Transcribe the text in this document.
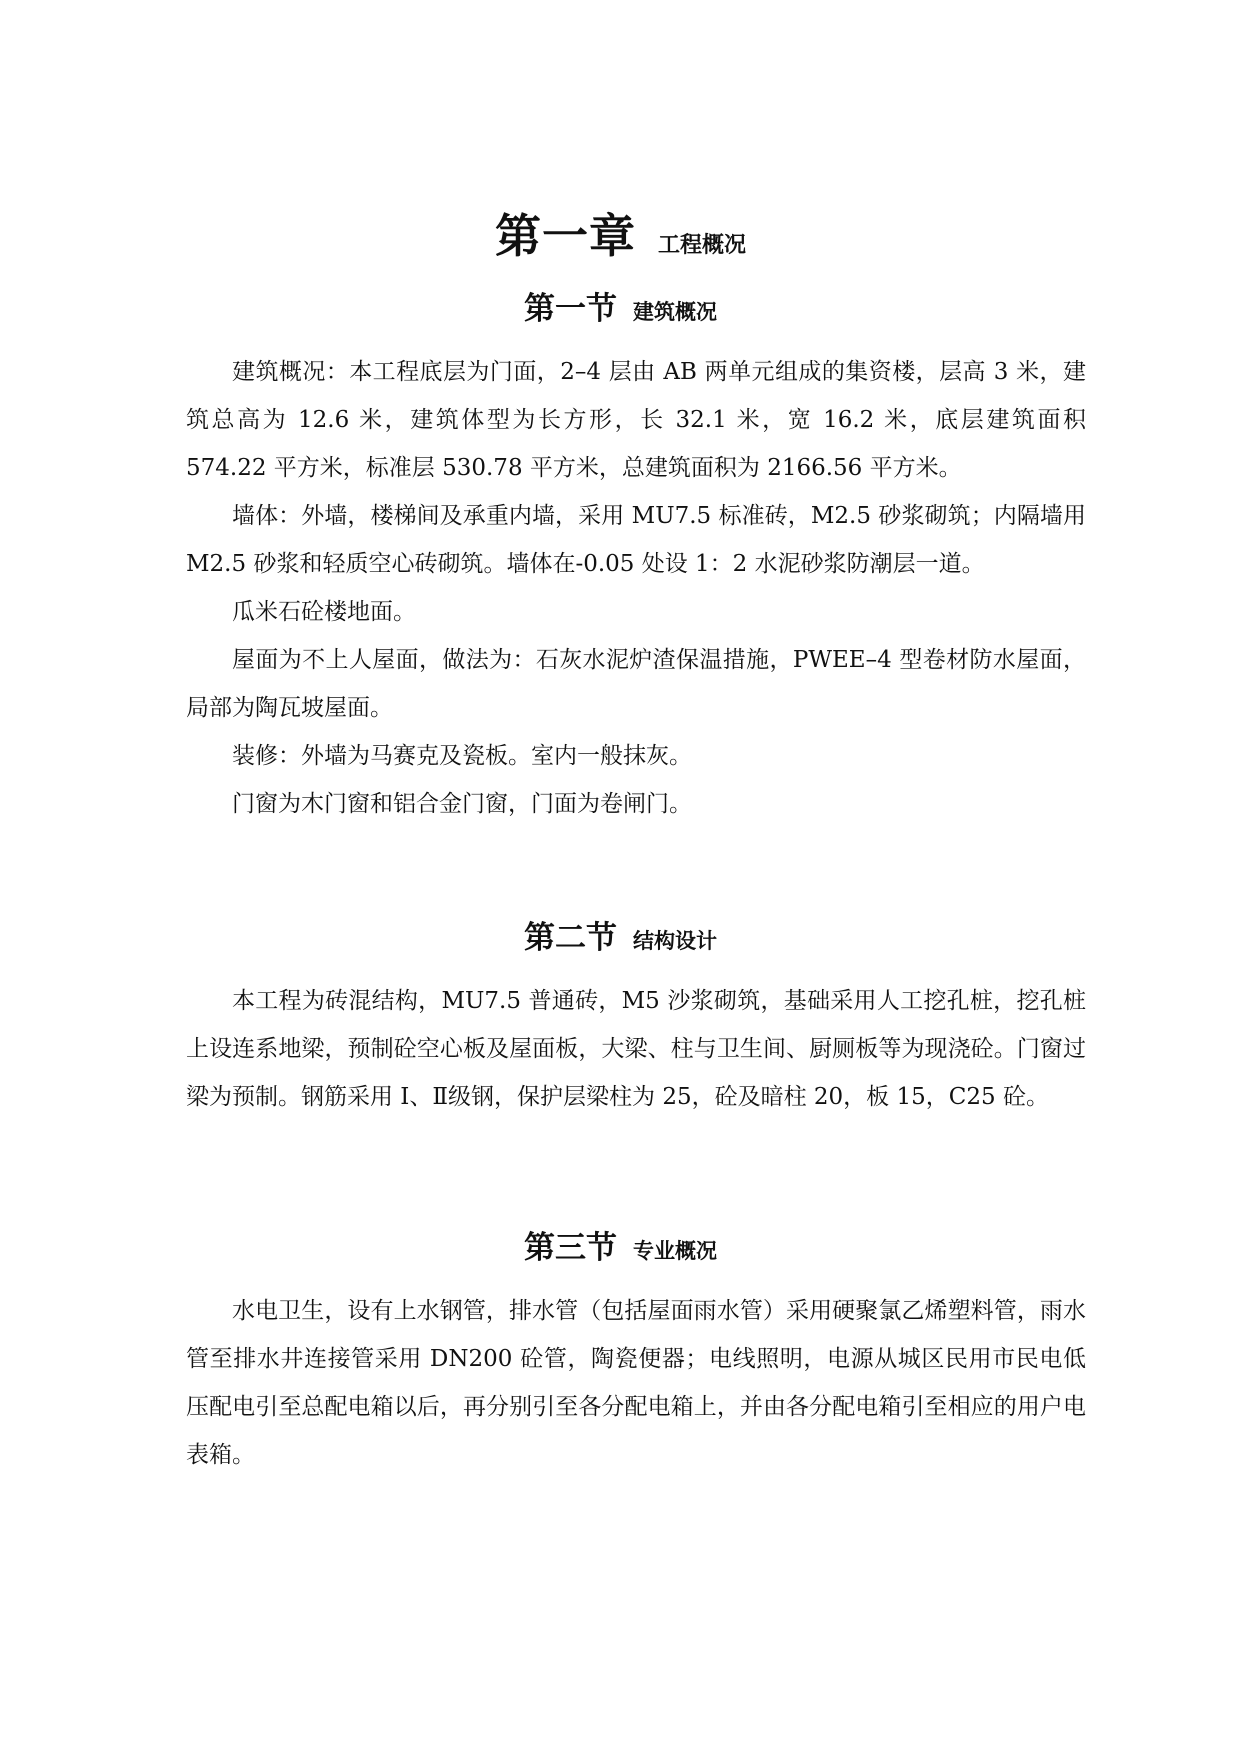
第一章 工程概况
第一节 建筑概况

建筑概况：本工程底层为门面，2–4 层由 AB 两单元组成的集资楼，层高 3 米，建筑总高为 12.6 米，建筑体型为长方形，长 32.1 米，宽 16.2 米，底层建筑面积 574.22 平方米，标准层 530.78 平方米，总建筑面积为 2166.56 平方米。

墙体：外墙，楼梯间及承重内墙，采用 MU7.5 标准砖，M2.5 砂浆砌筑；内隔墙用 M2.5 砂浆和轻质空心砖砌筑。墙体在-0.05 处设 1：2 水泥砂浆防潮层一道。

瓜米石砼楼地面。

屋面为不上人屋面，做法为：石灰水泥炉渣保温措施，PWEE–4 型卷材防水屋面，局部为陶瓦坡屋面。

装修：外墙为马赛克及瓷板。室内一般抹灰。

门窗为木门窗和铝合金门窗，门面为卷闸门。

第二节 结构设计

本工程为砖混结构，MU7.5 普通砖，M5 沙浆砌筑，基础采用人工挖孔桩，挖孔桩上设连系地梁，预制砼空心板及屋面板，大梁、柱与卫生间、厨厕板等为现浇砼。门窗过梁为预制。钢筋采用 I、Ⅱ级钢，保护层梁柱为 25，砼及暗柱 20，板 15，C25 砼。

第三节 专业概况

水电卫生，设有上水钢管，排水管（包括屋面雨水管）采用硬聚氯乙烯塑料管，雨水管至排水井连接管采用 DN200 砼管，陶瓷便器；电线照明，电源从城区民用市民电低压配电引至总配电箱以后，再分别引至各分配电箱上，并由各分配电箱引至相应的用户电表箱。
